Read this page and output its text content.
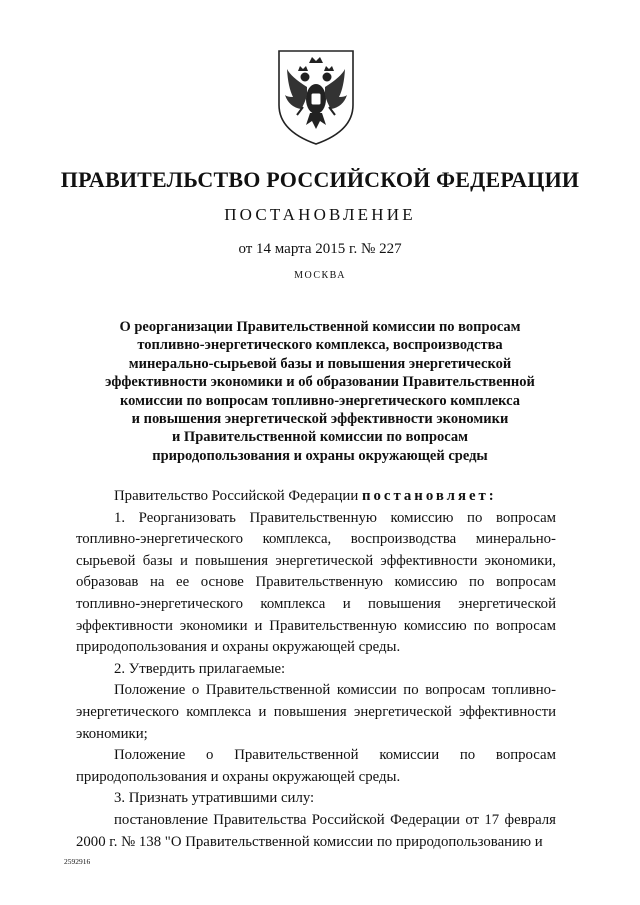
ПРАВИТЕЛЬСТВО РОССИЙСКОЙ ФЕДЕРАЦИИ
ПОСТАНОВЛЕНИЕ
от 14 марта 2015 г. № 227
МОСКВА
О реорганизации Правительственной комиссии по вопросам
топливно-энергетического комплекса, воспроизводства
минерально-сырьевой базы и повышения энергетической
эффективности экономики и об образовании Правительственной
комиссии по вопросам топливно-энергетического комплекса
и повышения энергетической эффективности экономики
и Правительственной комиссии по вопросам
природопользования и охраны окружающей среды

Правительство Российской Федерации постановляет:

1. Реорганизовать Правительственную комиссию по вопросам топливно-энергетического комплекса, воспроизводства минерально-сырьевой базы и повышения энергетической эффективности экономики, образовав на ее основе Правительственную комиссию по вопросам топливно-энергетического комплекса и повышения энергетической эффективности экономики и Правительственную комиссию по вопросам природопользования и охраны окружающей среды.

2. Утвердить прилагаемые:

Положение о Правительственной комиссии по вопросам топливно-энергетического комплекса и повышения энергетической эффективности экономики;

Положение о Правительственной комиссии по вопросам природопользования и охраны окружающей среды.

3. Признать утратившими силу:

постановление Правительства Российской Федерации от 17 февраля 2000 г. № 138 "О Правительственной комиссии по природопользованию и

2592916
